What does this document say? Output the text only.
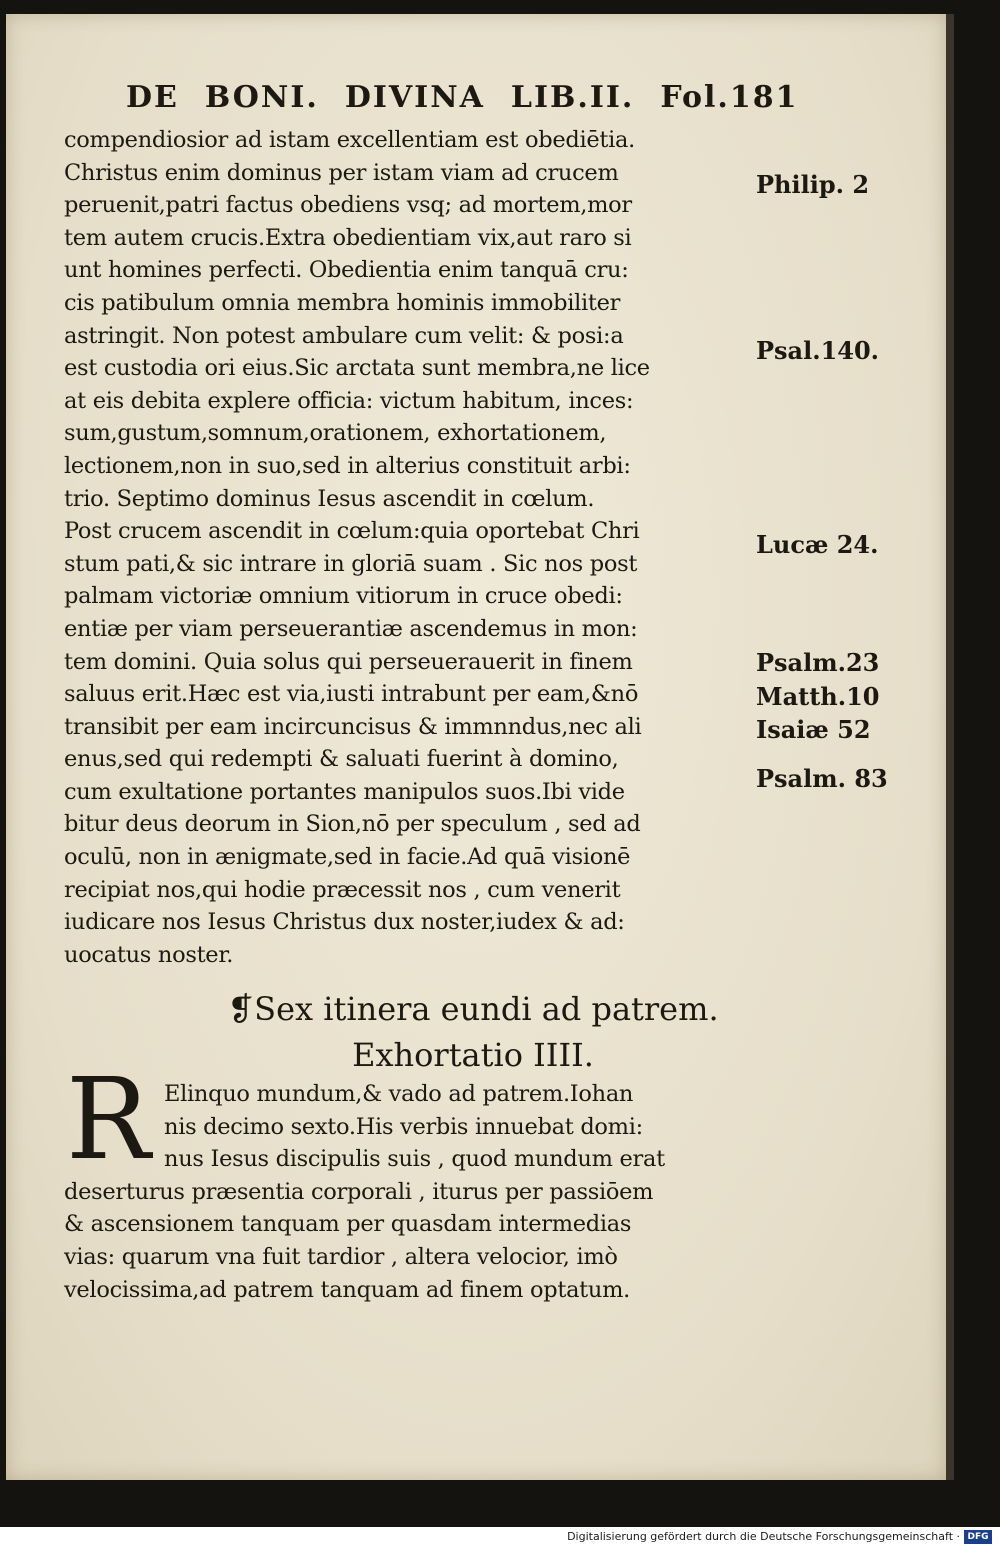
DE BONI. DIVINA LIB.II. Fol.181
compendiosior ad istam excellentiam est obediētia.
Christus enim dominus per istam viam ad crucem
peruenit,patri factus obediens vsq; ad mortem,mor
tem autem crucis.Extra obedientiam vix,aut raro si
unt homines perfecti. Obedientia enim tanquā cru:
cis patibulum omnia membra hominis immobiliter
astringit. Non potest ambulare cum velit: & posi:a
est custodia ori eius.Sic arctata sunt membra,ne lice
at eis debita explere officia: victum habitum, inces:
sum,gustum,somnum,orationem, exhortationem,
lectionem,non in suo,sed in alterius constituit arbi:
trio. Septimo dominus Iesus ascendit in cœlum.
Post crucem ascendit in cœlum:quia oportebat Chri
stum pati,& sic intrare in gloriā suam . Sic nos post
palmam victoriæ omnium vitiorum in cruce obedi:
entiæ per viam perseuerantiæ ascendemus in mon:
tem domini. Quia solus qui perseuerauerit in finem
saluus erit.Hæc est via,iusti intrabunt per eam,&nō
transibit per eam incircuncisus & immnndus,nec ali
enus,sed qui redempti & saluati fuerint à domino,
cum exultatione portantes manipulos suos.Ibi vide
bitur deus deorum in Sion,nō per speculum , sed ad
oculū, non in ænigmate,sed in facie.Ad quā visionē
recipiat nos,qui hodie præcessit nos , cum venerit
iudicare nos Iesus Christus dux noster,iudex & ad:
uocatus noster.
Philip. 2
Psal.140.
Lucæ 24.
Psalm.23
Matth.10
Isaiæ 52
Psalm. 83
❡Sex itinera eundi ad patrem.
Exhortatio IIII.
R Elinquo mundum,& vado ad patrem.Iohan
nis decimo sexto.His verbis innuebat domi:
nus Iesus discipulis suis , quod mundum erat
deserturus præsentia corporali , iturus per passiōem
& ascensionem tanquam per quasdam intermedias
vias: quarum vna fuit tardior , altera velocior, imò
velocissima,ad patrem tanquam ad finem optatum.
Digitalisierung gefördert durch die Deutsche Forschungsgemeinschaft · DFG
